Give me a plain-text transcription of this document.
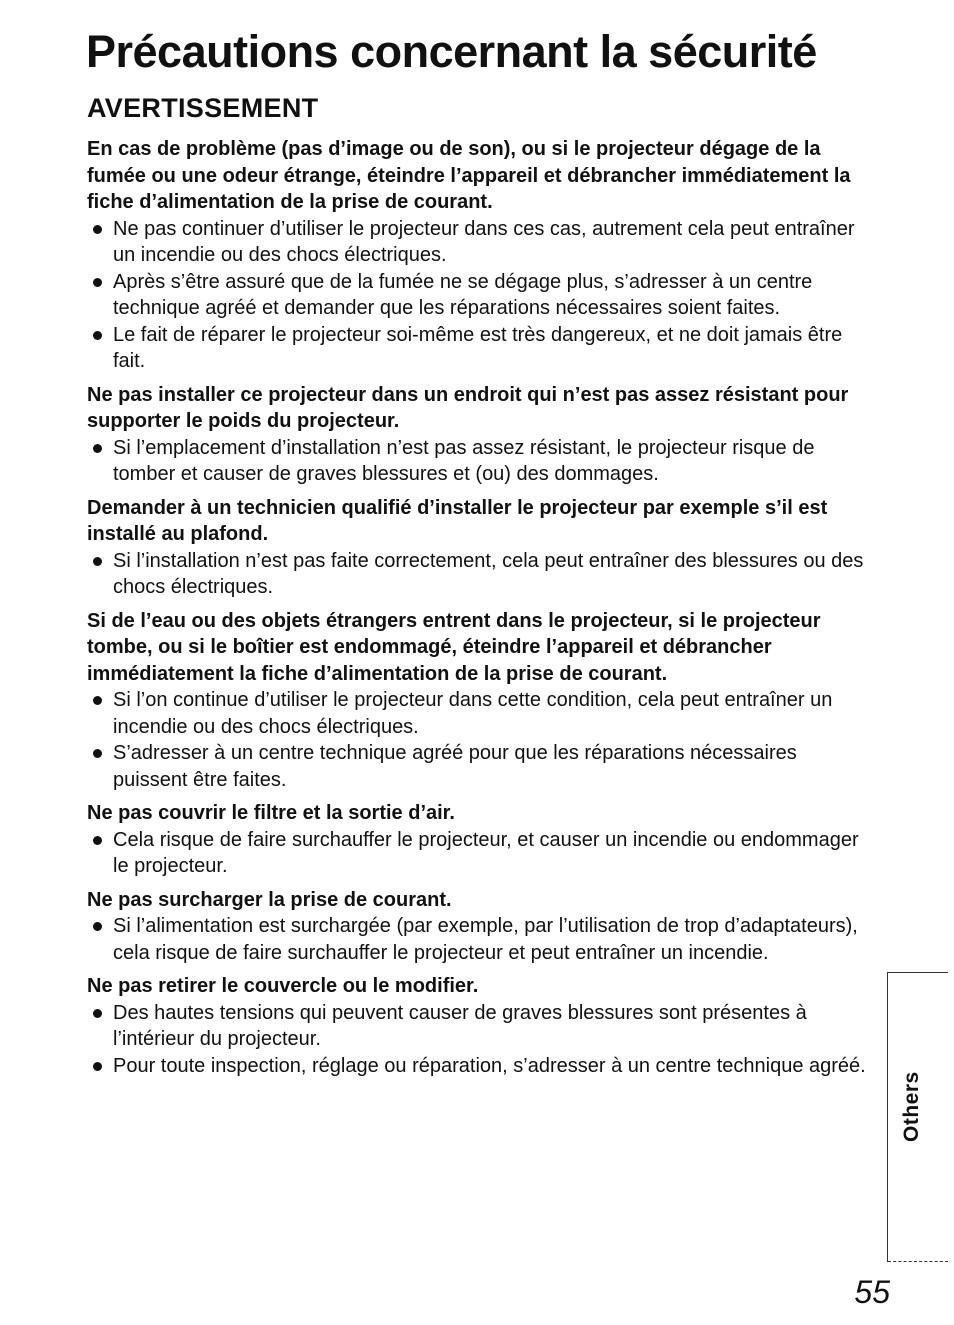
Précautions concernant la sécurité
AVERTISSEMENT

En cas de problème (pas d’image ou de son), ou si le projecteur dégage de la fumée ou une odeur étrange, éteindre l’appareil et débrancher immédiatement la fiche d’alimentation de la prise de courant.

Ne pas continuer d’utiliser le projecteur dans ces cas, autrement cela peut entraîner un incendie ou des chocs électriques.
Après s’être assuré que de la fumée ne se dégage plus, s’adresser à un centre technique agréé et demander que les réparations nécessaires soient faites.
Le fait de réparer le projecteur soi-même est très dangereux, et ne doit jamais être fait.

Ne pas installer ce projecteur dans un endroit qui n’est pas assez résistant pour supporter le poids du projecteur.

Si l’emplacement d’installation n’est pas assez résistant, le projecteur risque de tomber et causer de graves blessures et (ou) des dommages.

Demander à un technicien qualifié d’installer le projecteur par exemple s’il est installé au plafond.

Si l’installation n’est pas faite correctement, cela peut entraîner des blessures ou des chocs électriques.

Si de l’eau ou des objets étrangers entrent dans le projecteur, si le projecteur tombe, ou si le boîtier est endommagé, éteindre l’appareil et débrancher immédiatement la fiche d’alimentation de la prise de courant.

Si l’on continue d’utiliser le projecteur dans cette condition, cela peut entraîner un incendie ou des chocs électriques.
S’adresser à un centre technique agréé pour que les réparations nécessaires puissent être faites.

Ne pas couvrir le filtre et la sortie d’air.

Cela risque de faire surchauffer le projecteur, et causer un incendie ou endommager le projecteur.

Ne pas surcharger la prise de courant.

Si l’alimentation est surchargée (par exemple, par l’utilisation de trop d’adaptateurs), cela risque de faire surchauffer le projecteur et peut entraîner un incendie.

Ne pas retirer le couvercle ou le modifier.

Des hautes tensions qui peuvent causer de graves blessures sont présentes à l’intérieur du projecteur.
Pour toute inspection, réglage ou réparation, s’adresser à un centre technique agréé.
Others
55
